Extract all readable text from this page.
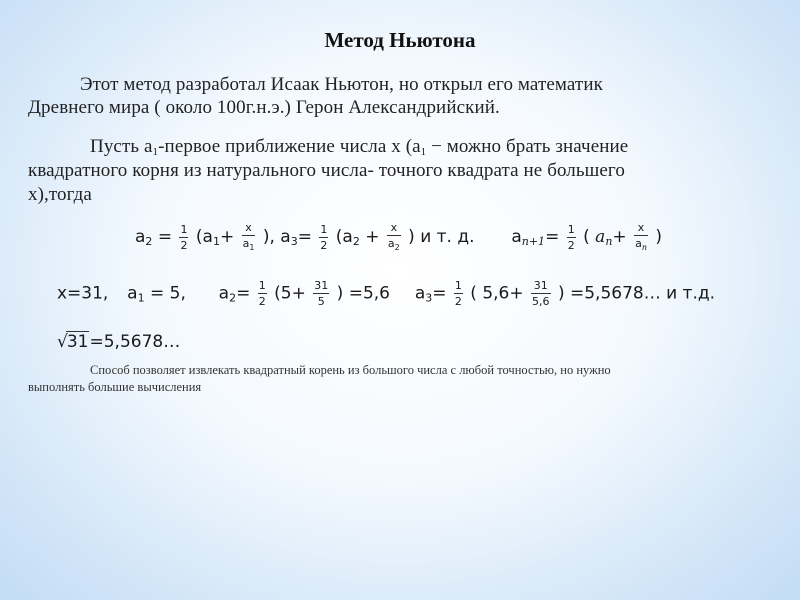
Метод Ньютона
Этот метод разработал Исаак Ньютон, но открыл его математик
Древнего мира ( около 100г.н.э.) Герон Александрийский.
Пусть $а_1$-первое приближение числа x ($а_1$ − можно брать значение
квадратного корня из натурального числа- точного квадрата не большего
x),тогда
$a_2 = \frac{1}{2} (a_1+ \frac{x}{a_1}$ ), $a_3= \frac{1}{2} (a_2 + \frac{x}{a_2}$ ) и т. д. $a_{n+1}= \frac{1}{2}$ ( $a_n+ \frac{x}{a_n}$ )
x=31, $a_1 = 5$, $a_2= \frac{1}{2} (5+ \frac{31}{5}$ ) =5,6 $a_3= \frac{1}{2}$ ( $5,6+ \frac{31}{5,6}$ ) =5,5678… и т.д.
√31=5,5678…
Способ позволяет извлекать квадратный корень из большого числа с любой точностью, но нужно
выполнять большие вычисления
